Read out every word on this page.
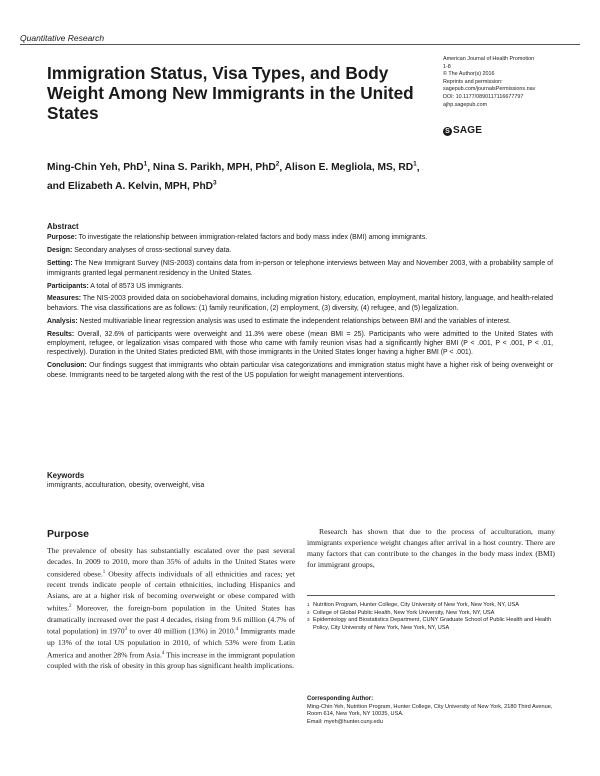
Quantitative Research
American Journal of Health Promotion
1-8
© The Author(s) 2016
Reprints and permission:
sagepub.com/journalsPermissions.nav
DOI: 10.1177/0890117116677797
ajhp.sagepub.com
S SAGE
Immigration Status, Visa Types, and Body Weight Among New Immigrants in the United States
Ming-Chin Yeh, PhD$^1$, Nina S. Parikh, MPH, PhD$^2$, Alison E. Megliola, MS, $RD^1$,
and Elizabeth A. Kelvin, MPH, PhD$^3$
Abstract

Purpose: To investigate the relationship between immigration-related factors and body mass index (BMI) among immigrants.

Design: Secondary analyses of cross-sectional survey data.

Setting: The New Immigrant Survey (NIS-2003) contains data from in-person or telephone interviews between May and November 2003, with a probability sample of immigrants granted legal permanent residency in the United States.

Participants: A total of 8573 US immigrants.

Measures: The NIS-2003 provided data on sociobehavioral domains, including migration history, education, employment, marital history, language, and health-related behaviors. The visa classifications are as follows: (1) family reunification, (2) employment, (3) diversity, (4) refugee, and (5) legalization.

Analysis: Nested multivariable linear regression analysis was used to estimate the independent relationships between BMI and the variables of interest.

Results: Overall, 32.6% of participants were overweight and 11.3% were obese (mean BMI = 25). Participants who were admitted to the United States with employment, refugee, or legalization visas compared with those who came with family reunion visas had a significantly higher BMI (P < .001, P < .001, P < .01, respectively). Duration in the United States predicted BMI, with those immigrants in the United States longer having a higher BMI (P < .001).

Conclusion: Our findings suggest that immigrants who obtain particular visa categorizations and immigration status might have a higher risk of being overweight or obese. Immigrants need to be targeted along with the rest of the US population for weight management interventions.

Keywords
immigrants, acculturation, obesity, overweight, visa
Purpose
The prevalence of obesity has substantially escalated over the past several decades. In 2009 to 2010, more than 35% of adults in the United States were considered obese.$^1$ Obesity affects individuals of all ethnicities and races; yet recent trends indicate people of certain ethnicities, including Hispanics and Asians, are at a higher risk of becoming overweight or obese compared with whites.$^2$ Moreover, the foreign-born population in the United States has dramatically increased over the past 4 decades, rising from 9.6 million (4.7% of total population) in 1970$^3$ to over 40 million (13%) in 2010.$^4$ Immigrants made up 13% of the total US population in 2010, of which 53% were from Latin America and another 28% from Asia.$^4$ This increase in the immigrant population coupled with the risk of obesity in this group has significant health implications.
Research has shown that due to the process of acculturation, many immigrants experience weight changes after arrival in a host country. There are many factors that can contribute to the changes in the body mass index (BMI) for immigrant groups,
1 Nutrition Program, Hunter College, City University of New York, New York, NY, USA
2 College of Global Public Health, New York University, New York, NY, USA
3 Epidemiology and Biostatistics Department, CUNY Graduate School of Public Health and Health Policy, City University of New York, New York, NY, USA
Corresponding Author:
Ming-Chin Yeh, Nutrition Program, Hunter College, City University of New York, 2180 Third Avenue, Room 614, New York, NY 10035, USA.
Email: myeh@hunter.cuny.edu
